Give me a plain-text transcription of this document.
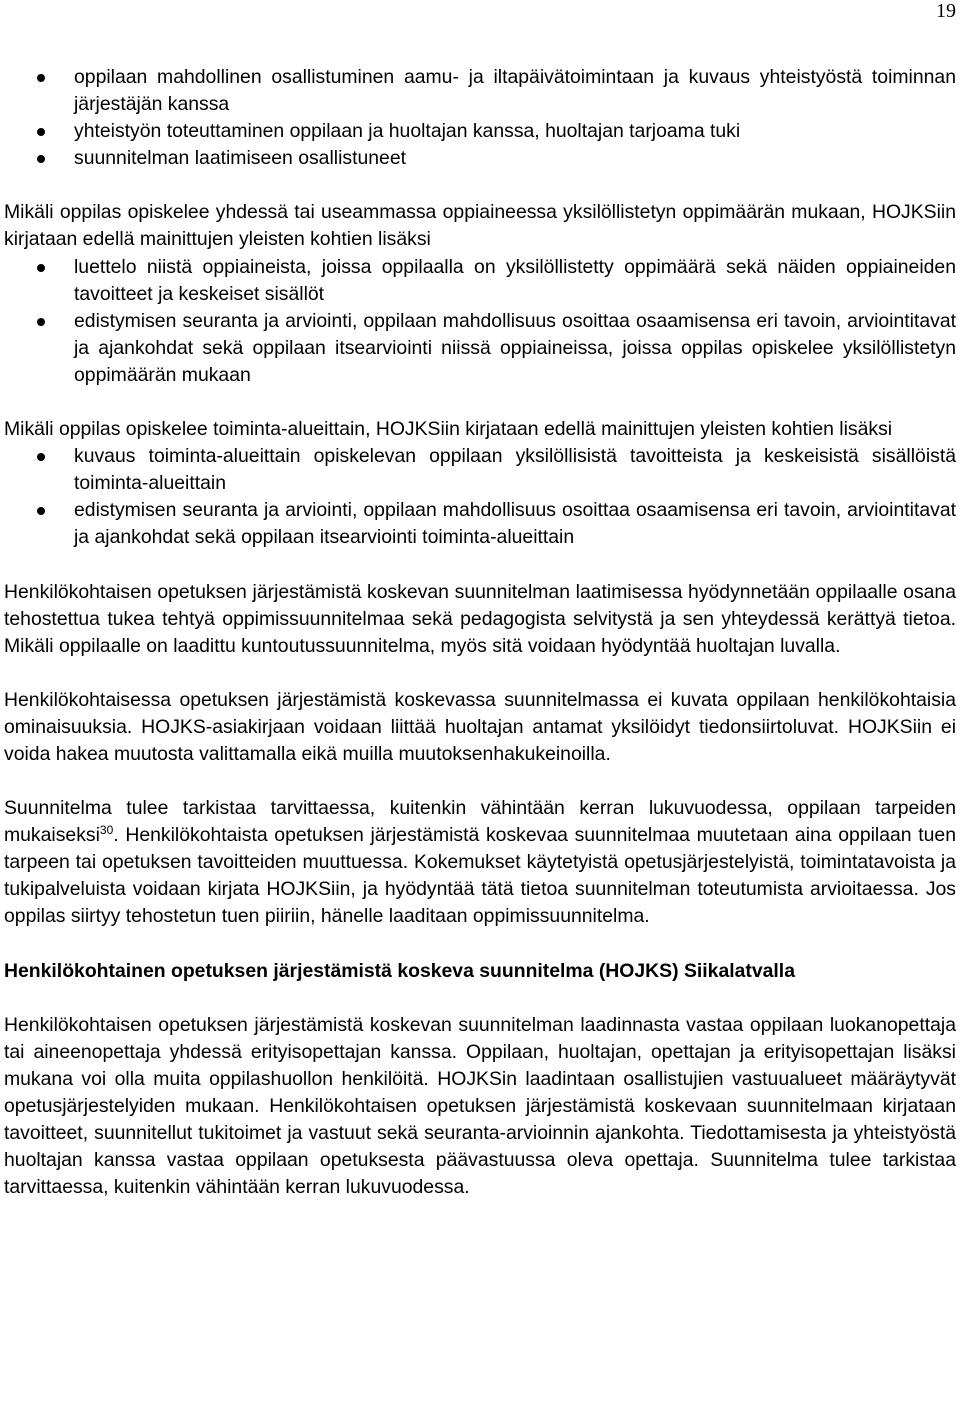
19
oppilaan mahdollinen osallistuminen aamu- ja iltapäivätoimintaan ja kuvaus yhteistyöstä toiminnan järjestäjän kanssa
yhteistyön toteuttaminen oppilaan ja huoltajan kanssa, huoltajan tarjoama tuki
suunnitelman laatimiseen osallistuneet

Mikäli oppilas opiskelee yhdessä tai useammassa oppiaineessa yksilöllistetyn oppimäärän mukaan, HOJKSiin kirjataan edellä mainittujen yleisten kohtien lisäksi

luettelo niistä oppiaineista, joissa oppilaalla on yksilöllistetty oppimäärä sekä näiden oppiaineiden tavoitteet ja keskeiset sisällöt
edistymisen seuranta ja arviointi, oppilaan mahdollisuus osoittaa osaamisensa eri tavoin, arviointitavat ja ajankohdat sekä oppilaan itsearviointi niissä oppiaineissa, joissa oppilas opiskelee yksilöllistetyn oppimäärän mukaan

Mikäli oppilas opiskelee toiminta-alueittain, HOJKSiin kirjataan edellä mainittujen yleisten kohtien lisäksi

kuvaus toiminta-alueittain opiskelevan oppilaan yksilöllisistä tavoitteista ja keskeisistä sisällöistä toiminta-alueittain
edistymisen seuranta ja arviointi, oppilaan mahdollisuus osoittaa osaamisensa eri tavoin, arviointitavat ja ajankohdat sekä oppilaan itsearviointi toiminta-alueittain

Henkilökohtaisen opetuksen järjestämistä koskevan suunnitelman laatimisessa hyödynnetään oppilaalle osana tehostettua tukea tehtyä oppimissuunnitelmaa sekä pedagogista selvitystä ja sen yhteydessä kerättyä tietoa. Mikäli oppilaalle on laadittu kuntoutussuunnitelma, myös sitä voidaan hyödyntää huoltajan luvalla.

Henkilökohtaisessa opetuksen järjestämistä koskevassa suunnitelmassa ei kuvata oppilaan henkilökohtaisia ominaisuuksia. HOJKS-asiakirjaan voidaan liittää huoltajan antamat yksilöidyt tiedonsiirtoluvat. HOJKSiin ei voida hakea muutosta valittamalla eikä muilla muutoksenhakukeinoilla.

Suunnitelma tulee tarkistaa tarvittaessa, kuitenkin vähintään kerran lukuvuodessa, oppilaan tarpeiden mukaiseksi$^{30}$. Henkilökohtaista opetuksen järjestämistä koskevaa suunnitelmaa muutetaan aina oppilaan tuen tarpeen tai opetuksen tavoitteiden muuttuessa. Kokemukset käytetyistä opetusjärjestelyistä, toimintatavoista ja tukipalveluista voidaan kirjata HOJKSiin, ja hyödyntää tätä tietoa suunnitelman toteutumista arvioitaessa. Jos oppilas siirtyy tehostetun tuen piiriin, hänelle laaditaan oppimissuunnitelma.

Henkilökohtainen opetuksen järjestämistä koskeva suunnitelma (HOJKS) Siikalatvalla

Henkilökohtaisen opetuksen järjestämistä koskevan suunnitelman laadinnasta vastaa oppilaan luokanopettaja tai aineenopettaja yhdessä erityisopettajan kanssa. Oppilaan, huoltajan, opettajan ja erityisopettajan lisäksi mukana voi olla muita oppilashuollon henkilöitä. HOJKSin laadintaan osallistujien vastuualueet määräytyvät opetusjärjestelyiden mukaan. Henkilökohtaisen opetuksen järjestämistä koskevaan suunnitelmaan kirjataan tavoitteet, suunnitellut tukitoimet ja vastuut sekä seuranta-arvioinnin ajankohta. Tiedottamisesta ja yhteistyöstä huoltajan kanssa vastaa oppilaan opetuksesta päävastuussa oleva opettaja. Suunnitelma tulee tarkistaa tarvittaessa, kuitenkin vähintään kerran lukuvuodessa.
